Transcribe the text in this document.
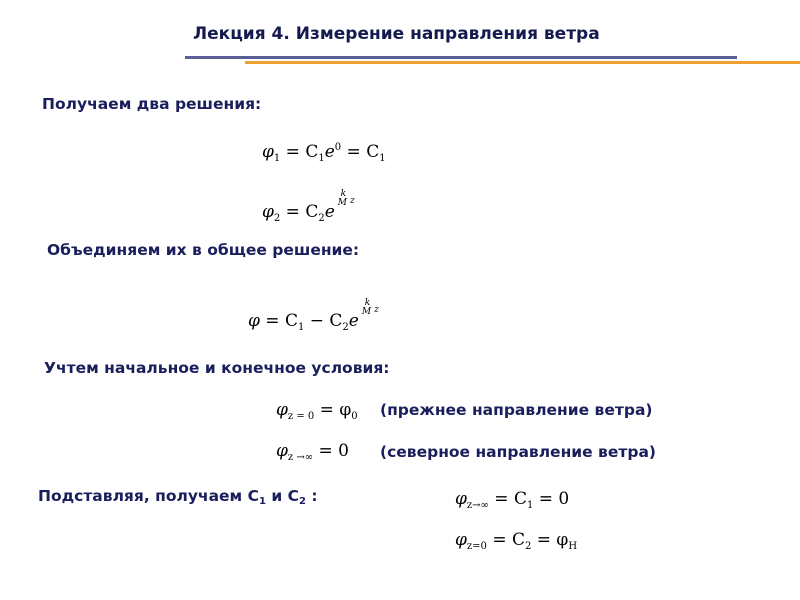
Лекция 4. Измерение направления ветра
Получаем два решения:
$\varphi_1 = C_1e^0 = C_1$
$\varphi_2 = C_2e$
k
M z
Объединяем их в общее решение:
$\varphi = C_1 - C_2e$
k
M z
Учтем начальное и конечное условия:
$\varphi_{z = 0} = \varphi_0$ (прежнее направление ветра)
$\varphi_{z \to\infty} = 0$ (северное направление ветра)
Подставляя, получаем $С_1$ и $С_2$ :	$\varphi_{z\to\infty} = C_1 = 0$
$\varphi_{z=0} = C_2 = \varphi_H$
